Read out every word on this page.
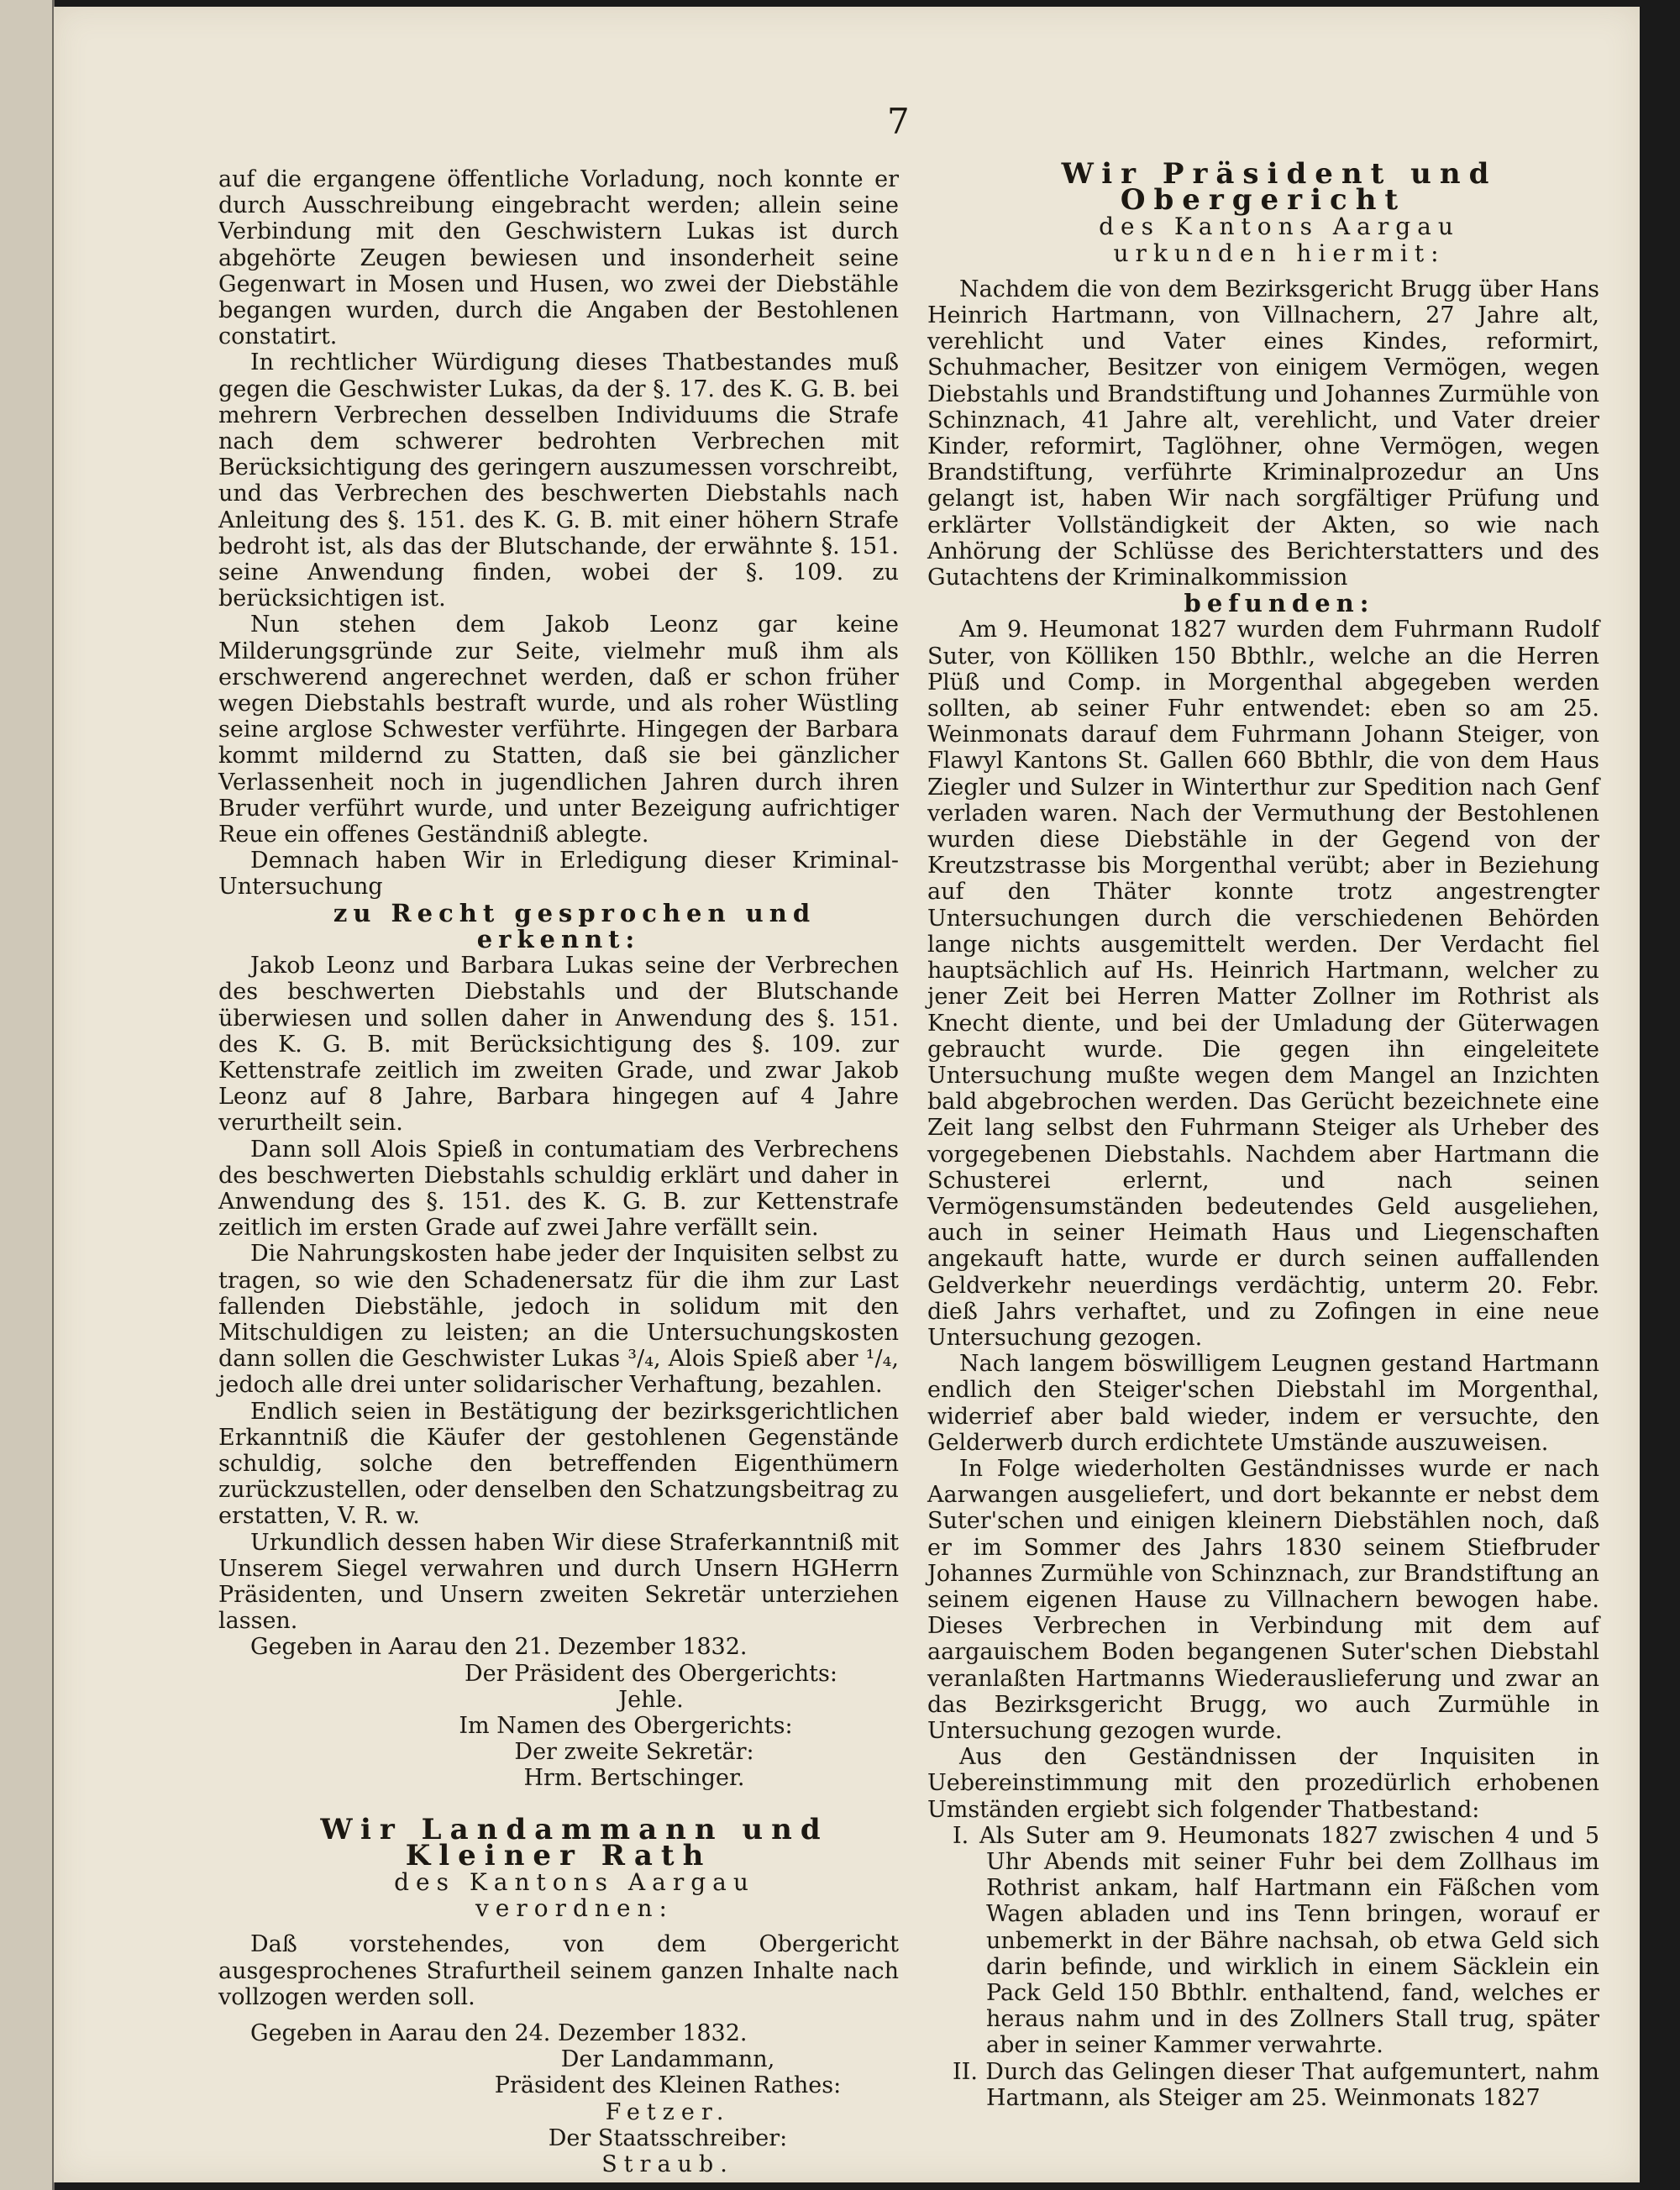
7

auf die ergangene öffentliche Vorladung, noch konnte er durch Ausschreibung eingebracht werden; allein seine Verbindung mit den Geschwistern Lukas ist durch abgehörte Zeugen bewiesen und insonderheit seine Gegenwart in Mosen und Husen, wo zwei der Diebstähle begangen wurden, durch die Angaben der Bestohlenen constatirt.

In rechtlicher Würdigung dieses Thatbestandes muß gegen die Geschwister Lukas, da der §. 17. des K. G. B. bei mehrern Verbrechen desselben Individuums die Strafe nach dem schwerer bedrohten Verbrechen mit Berücksichtigung des geringern auszumessen vorschreibt, und das Verbrechen des beschwerten Diebstahls nach Anleitung des §. 151. des K. G. B. mit einer höhern Strafe bedroht ist, als das der Blutschande, der erwähnte §. 151. seine Anwendung finden, wobei der §. 109. zu berücksichtigen ist.

Nun stehen dem Jakob Leonz gar keine Milderungsgründe zur Seite, vielmehr muß ihm als erschwerend angerechnet werden, daß er schon früher wegen Diebstahls bestraft wurde, und als roher Wüstling seine arglose Schwester verführte. Hingegen der Barbara kommt mildernd zu Statten, daß sie bei gänzlicher Verlassenheit noch in jugendlichen Jahren durch ihren Bruder verführt wurde, und unter Bezeigung aufrichtiger Reue ein offenes Geständniß ablegte.

Demnach haben Wir in Erledigung dieser Kriminal-Untersuchung

zu Recht gesprochen und erkennt:

Jakob Leonz und Barbara Lukas seine der Verbrechen des beschwerten Diebstahls und der Blutschande überwiesen und sollen daher in Anwendung des §. 151. des K. G. B. mit Berücksichtigung des §. 109. zur Kettenstrafe zeitlich im zweiten Grade, und zwar Jakob Leonz auf 8 Jahre, Barbara hingegen auf 4 Jahre verurtheilt sein.

Dann soll Alois Spieß in contumatiam des Verbrechens des beschwerten Diebstahls schuldig erklärt und daher in Anwendung des §. 151. des K. G. B. zur Kettenstrafe zeitlich im ersten Grade auf zwei Jahre verfällt sein.

Die Nahrungskosten habe jeder der Inquisiten selbst zu tragen, so wie den Schadenersatz für die ihm zur Last fallenden Diebstähle, jedoch in solidum mit den Mitschuldigen zu leisten; an die Untersuchungskosten dann sollen die Geschwister Lukas ³/₄, Alois Spieß aber ¹/₄, jedoch alle drei unter solidarischer Verhaftung, bezahlen.

Endlich seien in Bestätigung der bezirksgerichtlichen Erkanntniß die Käufer der gestohlenen Gegenstände schuldig, solche den betreffenden Eigenthümern zurückzustellen, oder denselben den Schatzungsbeitrag zu erstatten, V. R. w.

Urkundlich dessen haben Wir diese Straferkanntniß mit Unserem Siegel verwahren und durch Unsern HGHerrn Präsidenten, und Unsern zweiten Sekretär unterziehen lassen.

Gegeben in Aarau den 21. Dezember 1832.

Der Präsident des Obergerichts:

Jehle.

Im Namen des Obergerichts:

Der zweite Sekretär:

Hrm. Bertschinger.

Wir Landammann und Kleiner Rath

des Kantons Aargau

verordnen:

Daß vorstehendes, von dem Obergericht ausgesprochenes Strafurtheil seinem ganzen Inhalte nach vollzogen werden soll.

Gegeben in Aarau den 24. Dezember 1832.

Der Landammann,

Präsident des Kleinen Rathes:

Fetzer.

Der Staatsschreiber:

Straub.

Wir Präsident und Obergericht

des Kantons Aargau

urkunden hiermit:

Nachdem die von dem Bezirksgericht Brugg über Hans Heinrich Hartmann, von Villnachern, 27 Jahre alt, verehlicht und Vater eines Kindes, reformirt, Schuhmacher, Besitzer von einigem Vermögen, wegen Diebstahls und Brandstiftung und Johannes Zurmühle von Schinznach, 41 Jahre alt, verehlicht, und Vater dreier Kinder, reformirt, Taglöhner, ohne Vermögen, wegen Brandstiftung, verführte Kriminalprozedur an Uns gelangt ist, haben Wir nach sorgfältiger Prüfung und erklärter Vollständigkeit der Akten, so wie nach Anhörung der Schlüsse des Berichterstatters und des Gutachtens der Kriminalkommission

befunden:

Am 9. Heumonat 1827 wurden dem Fuhrmann Rudolf Suter, von Kölliken 150 Bbthlr., welche an die Herren Plüß und Comp. in Morgenthal abgegeben werden sollten, ab seiner Fuhr entwendet: eben so am 25. Weinmonats darauf dem Fuhrmann Johann Steiger, von Flawyl Kantons St. Gallen 660 Bbthlr, die von dem Haus Ziegler und Sulzer in Winterthur zur Spedition nach Genf verladen waren. Nach der Vermuthung der Bestohlenen wurden diese Diebstähle in der Gegend von der Kreutzstrasse bis Morgenthal verübt; aber in Beziehung auf den Thäter konnte trotz angestrengter Untersuchungen durch die verschiedenen Behörden lange nichts ausgemittelt werden. Der Verdacht fiel hauptsächlich auf Hs. Heinrich Hartmann, welcher zu jener Zeit bei Herren Matter Zollner im Rothrist als Knecht diente, und bei der Umladung der Güterwagen gebraucht wurde. Die gegen ihn eingeleitete Untersuchung mußte wegen dem Mangel an Inzichten bald abgebrochen werden. Das Gerücht bezeichnete eine Zeit lang selbst den Fuhrmann Steiger als Urheber des vorgegebenen Diebstahls. Nachdem aber Hartmann die Schusterei erlernt, und nach seinen Vermögensumständen bedeutendes Geld ausgeliehen, auch in seiner Heimath Haus und Liegenschaften angekauft hatte, wurde er durch seinen auffallenden Geldverkehr neuerdings verdächtig, unterm 20. Febr. dieß Jahrs verhaftet, und zu Zofingen in eine neue Untersuchung gezogen.

Nach langem böswilligem Leugnen gestand Hartmann endlich den Steiger'schen Diebstahl im Morgenthal, widerrief aber bald wieder, indem er versuchte, den Gelderwerb durch erdichtete Umstände auszuweisen.

In Folge wiederholten Geständnisses wurde er nach Aarwangen ausgeliefert, und dort bekannte er nebst dem Suter'schen und einigen kleinern Diebstählen noch, daß er im Sommer des Jahrs 1830 seinem Stiefbruder Johannes Zurmühle von Schinznach, zur Brandstiftung an seinem eigenen Hause zu Villnachern bewogen habe. Dieses Verbrechen in Verbindung mit dem auf aargauischem Boden begangenen Suter'schen Diebstahl veranlaßten Hartmanns Wiederauslieferung und zwar an das Bezirksgericht Brugg, wo auch Zurmühle in Untersuchung gezogen wurde.

Aus den Geständnissen der Inquisiten in Uebereinstimmung mit den prozedürlich erhobenen Umständen ergiebt sich folgender Thatbestand:

I. Als Suter am 9. Heumonats 1827 zwischen 4 und 5 Uhr Abends mit seiner Fuhr bei dem Zollhaus im Rothrist ankam, half Hartmann ein Fäßchen vom Wagen abladen und ins Tenn bringen, worauf er unbemerkt in der Bähre nachsah, ob etwa Geld sich darin befinde, und wirklich in einem Säcklein ein Pack Geld 150 Bbthlr. enthaltend, fand, welches er heraus nahm und in des Zollners Stall trug, später aber in seiner Kammer verwahrte.

II. Durch das Gelingen dieser That aufgemuntert, nahm Hartmann, als Steiger am 25. Weinmonats 1827
